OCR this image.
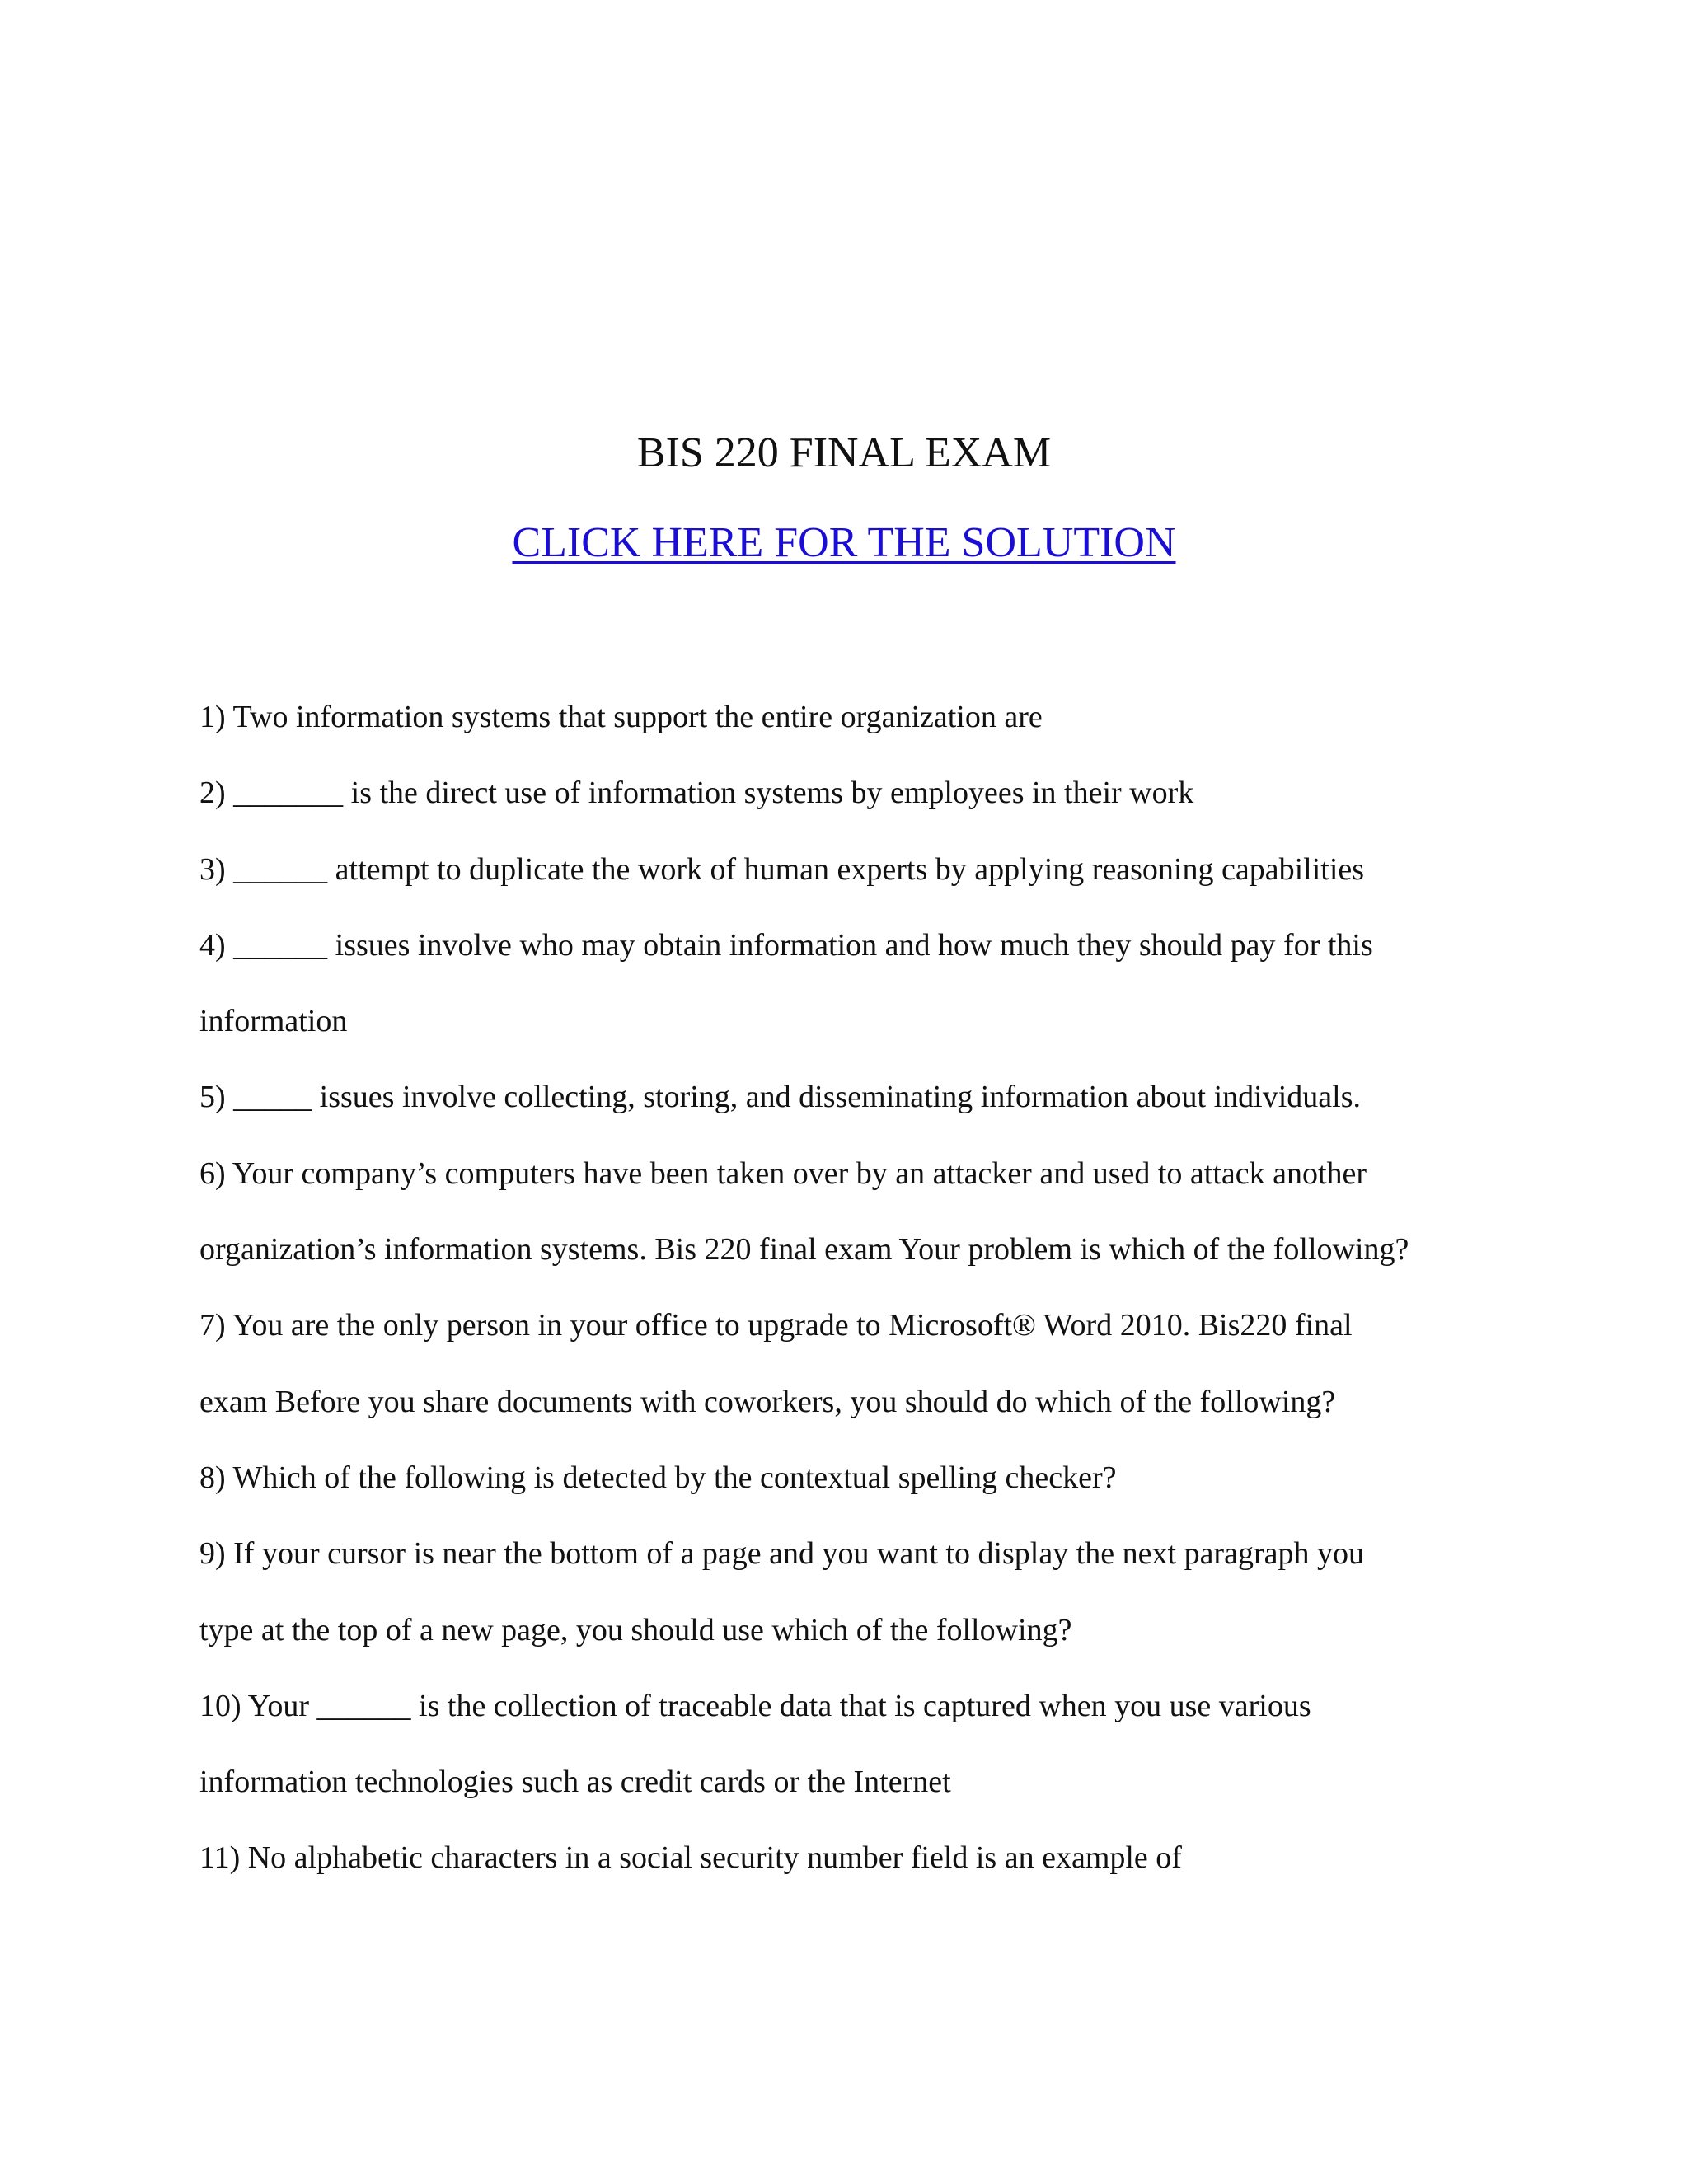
BIS 220 FINAL EXAM
CLICK HERE FOR THE SOLUTION
1) Two information systems that support the entire organization are
2) _______ is the direct use of information systems by employees in their work
3) ______ attempt to duplicate the work of human experts by applying reasoning capabilities
4) ______ issues involve who may obtain information and how much they should pay for this
information
5) _____ issues involve collecting, storing, and disseminating information about individuals.
6) Your company’s computers have been taken over by an attacker and used to attack another
organization’s information systems. Bis 220 final exam Your problem is which of the following?
7) You are the only person in your office to upgrade to Microsoft® Word 2010. Bis220 final
exam Before you share documents with coworkers, you should do which of the following?
8) Which of the following is detected by the contextual spelling checker?
9) If your cursor is near the bottom of a page and you want to display the next paragraph you
type at the top of a new page, you should use which of the following?
10) Your ______ is the collection of traceable data that is captured when you use various
information technologies such as credit cards or the Internet
11) No alphabetic characters in a social security number field is an example of
